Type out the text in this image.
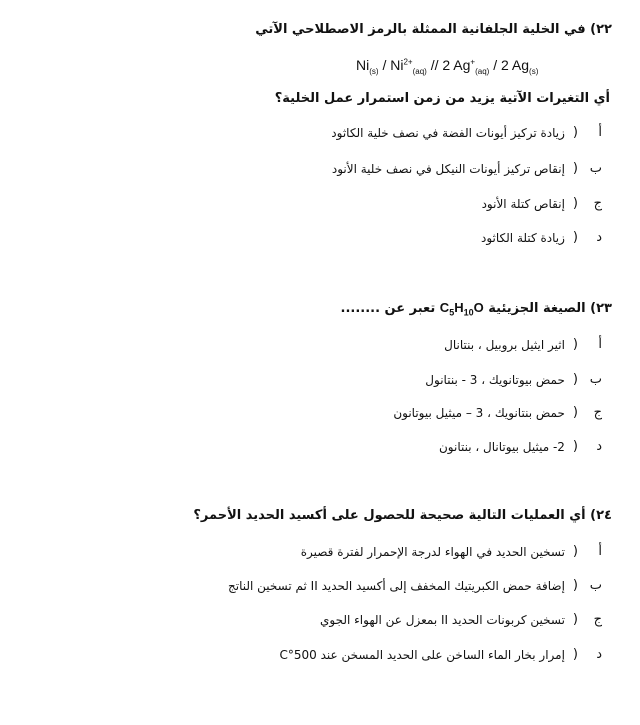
٢٢) في الخلية الجلفانية الممثلة بالرمز الاصطلاحي الآتي
$Ni_{(s)} / Ni^{2+}_{(aq)} // 2$ $Ag^+_{(aq)} / 2$ $Ag_{(s)}$
أي التغيرات الآتية يزيد من زمن استمرار عمل الخلية؟
أ
)
زيادة تركيز أيونات الفضة في نصف خلية الكاثود
ب
)
إنقاص تركيز أيونات النيكل في نصف خلية الأنود
ج
)
إنقاص كتلة الأنود
د
)
زيادة كتلة الكاثود
٢٣) الصيغة الجزيئية $C_5H_{10}O$ تعبر عن ........
أ
)
اثير ايثيل بروبيل ، بنتانال
ب
)
حمض بيوتانويك ، 3 - بنتانول
ج
)
حمض بنتانويك ، 3 – ميثيل بيوتانون
د
)
2- ميثيل بيوتانال ، بنتانون
٢٤) أي العمليات التالية صحيحة للحصول على أكسيد الحديد الأحمر؟
أ
)
تسخين الحديد في الهواء لدرجة الإحمرار لفترة قصيرة
ب
)
إضافة حمض الكبريتيك المخفف إلى أكسيد الحديد II ثم تسخين الناتج
ج
)
تسخين كربونات الحديد II بمعزل عن الهواء الجوي
د
)
إمرار بخار الماء الساخن على الحديد المسخن عند 500°C
